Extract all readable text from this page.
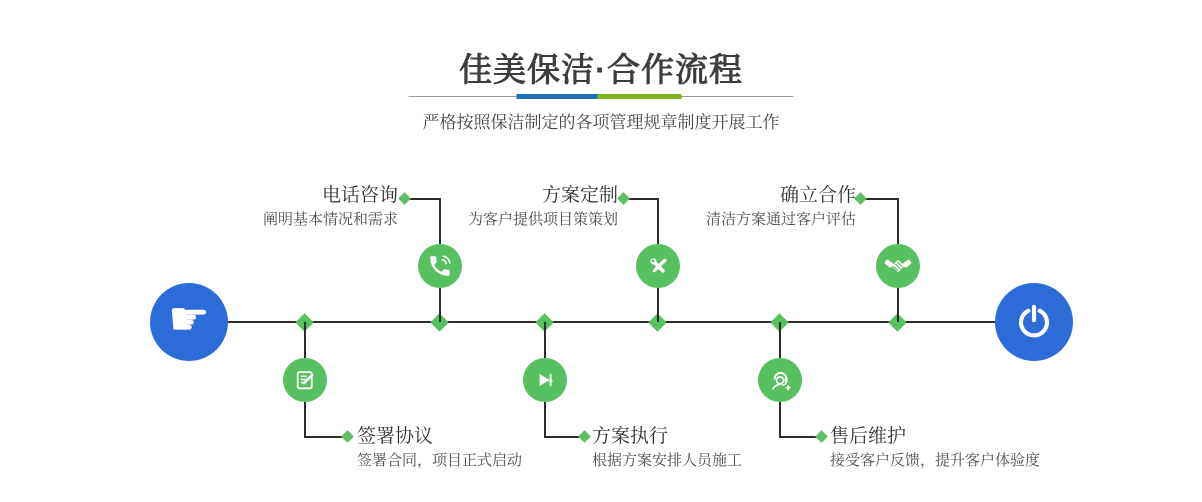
佳美保洁·合作流程

严格按照保洁制定的各项管理规章制度开展工作

☛
电话咨询
阐明基本情况和需求
签署协议
签署合同，项目正式启动
方案定制
为客户提供项目策策划
方案执行
根据方案安排人员施工
确立合作
清洁方案通过客户评估
售后维护
接受客户反馈，提升客户体验度
